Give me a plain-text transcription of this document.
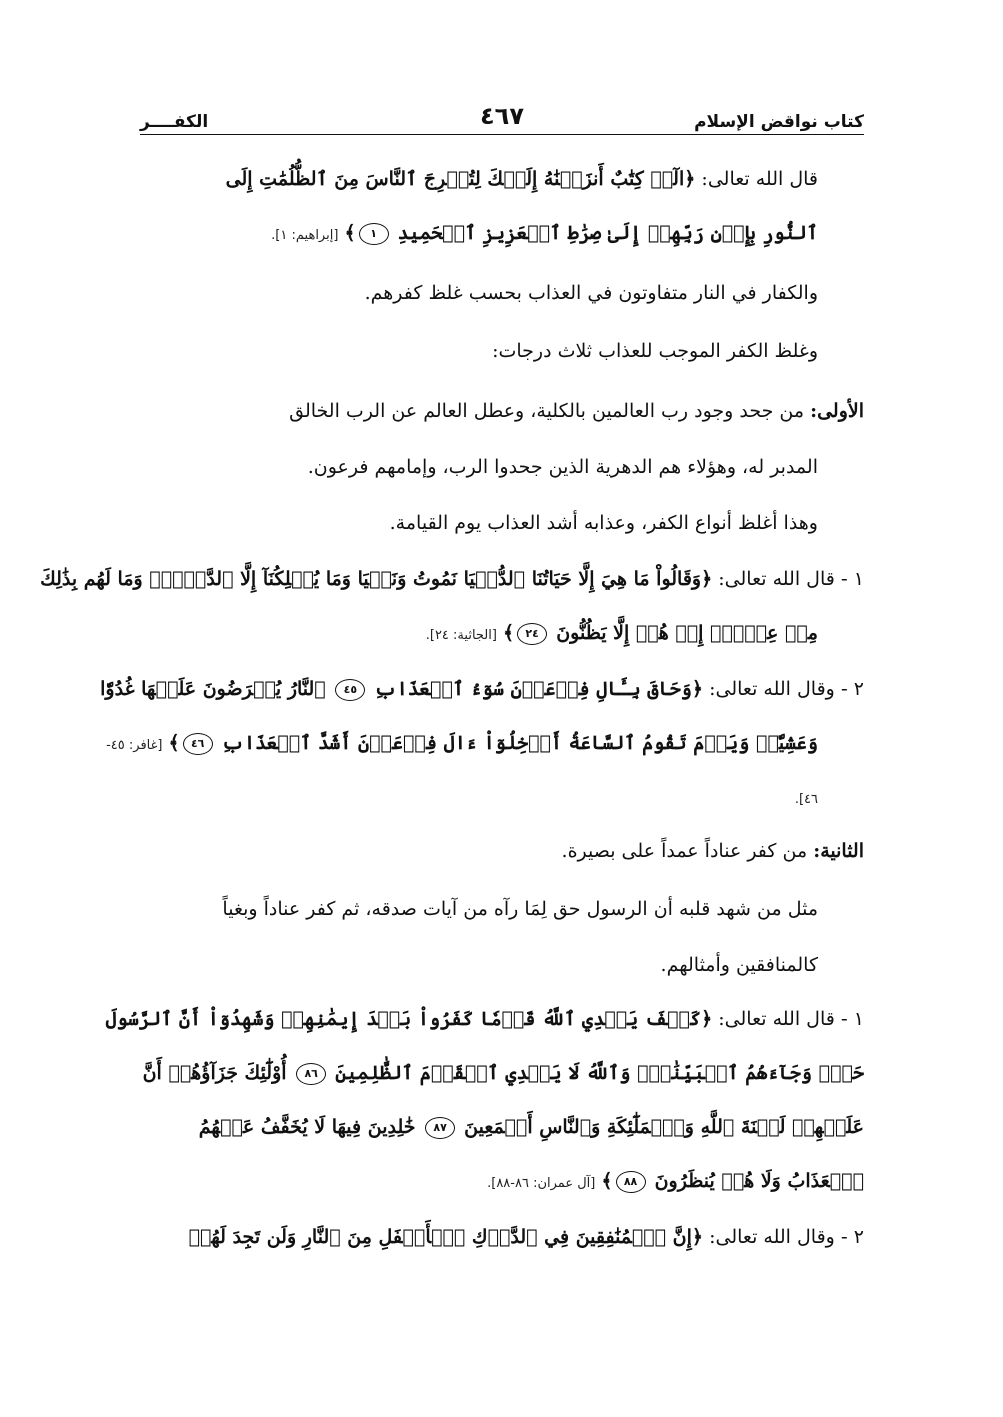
كتاب نواقض الإسلام
٤٦٧
الكفــــر
قال الله تعالى: ﴿الٓرۚ كِتَٰبٌ أَنزَلۡنَٰهُ إِلَيۡكَ لِتُخۡرِجَ ٱلنَّاسَ مِنَ ٱلظُّلُمَٰتِ إِلَى
ٱلنُّورِ بِإِذۡنِ رَبِّهِمۡ إِلَىٰ صِرَٰطِ ٱلۡعَزِيزِ ٱلۡحَمِيدِ ١﴾ [إبراهيم: ١].
والكفار في النار متفاوتون في العذاب بحسب غلظ كفرهم.
وغلظ الكفر الموجب للعذاب ثلاث درجات:
الأولى: من جحد وجود رب العالمين بالكلية، وعطل العالم عن الرب الخالق
المدبر له، وهؤلاء هم الدهرية الذين جحدوا الرب، وإمامهم فرعون.
وهذا أغلظ أنواع الكفر، وعذابه أشد العذاب يوم القيامة.
١ - قال الله تعالى: ﴿وَقَالُواْ مَا هِيَ إِلَّا حَيَاتُنَا ٱلدُّنۡيَا نَمُوتُ وَنَحۡيَا وَمَا يُهۡلِكُنَآ إِلَّا ٱلدَّهۡرُۚ وَمَا لَهُم بِذَٰلِكَ
مِنۡ عِلۡمٍۖ إِنۡ هُمۡ إِلَّا يَظُنُّونَ ٢٤﴾ [الجاثية: ٢٤].
٢ - وقال الله تعالى: ﴿وَحَاقَ بِـَٔالِ فِرۡعَوۡنَ سُوٓءُ ٱلۡعَذَابِ ٤٥ ٱلنَّارُ يُعۡرَضُونَ عَلَيۡهَا غُدُوّٗا
وَعَشِيّٗاۖ وَيَوۡمَ تَقُومُ ٱلسَّاعَةُ أَدۡخِلُوٓاْ ءَالَ فِرۡعَوۡنَ أَشَدَّ ٱلۡعَذَابِ ٤٦﴾ [غافر: ٤٥-
٤٦].
الثانية: من كفر عناداً عمداً على بصيرة.
مثل من شهد قلبه أن الرسول حق لِمَا رآه من آيات صدقه، ثم كفر عناداً وبغياً
كالمنافقين وأمثالهم.
١ - قال الله تعالى: ﴿كَيۡفَ يَهۡدِي ٱللَّهُ قَوۡمٗا كَفَرُواْ بَعۡدَ إِيمَٰنِهِمۡ وَشَهِدُوٓاْ أَنَّ ٱلرَّسُولَ
حَقّٞ وَجَآءَهُمُ ٱلۡبَيِّنَٰتُۚ وَٱللَّهُ لَا يَهۡدِي ٱلۡقَوۡمَ ٱلظَّٰلِمِينَ ٨٦ أُوْلَٰٓئِكَ جَزَآؤُهُمۡ أَنَّ
عَلَيۡهِمۡ لَعۡنَةَ ٱللَّهِ وَٱلۡمَلَٰٓئِكَةِ وَٱلنَّاسِ أَجۡمَعِينَ ٨٧ خَٰلِدِينَ فِيهَا لَا يُخَفَّفُ عَنۡهُمُ
ٱلۡعَذَابُ وَلَا هُمۡ يُنظَرُونَ ٨٨﴾ [آل عمران: ٨٦-٨٨].
٢ - وقال الله تعالى: ﴿إِنَّ ٱلۡمُنَٰفِقِينَ فِي ٱلدَّرۡكِ ٱلۡأَسۡفَلِ مِنَ ٱلنَّارِ وَلَن تَجِدَ لَهُمۡ
